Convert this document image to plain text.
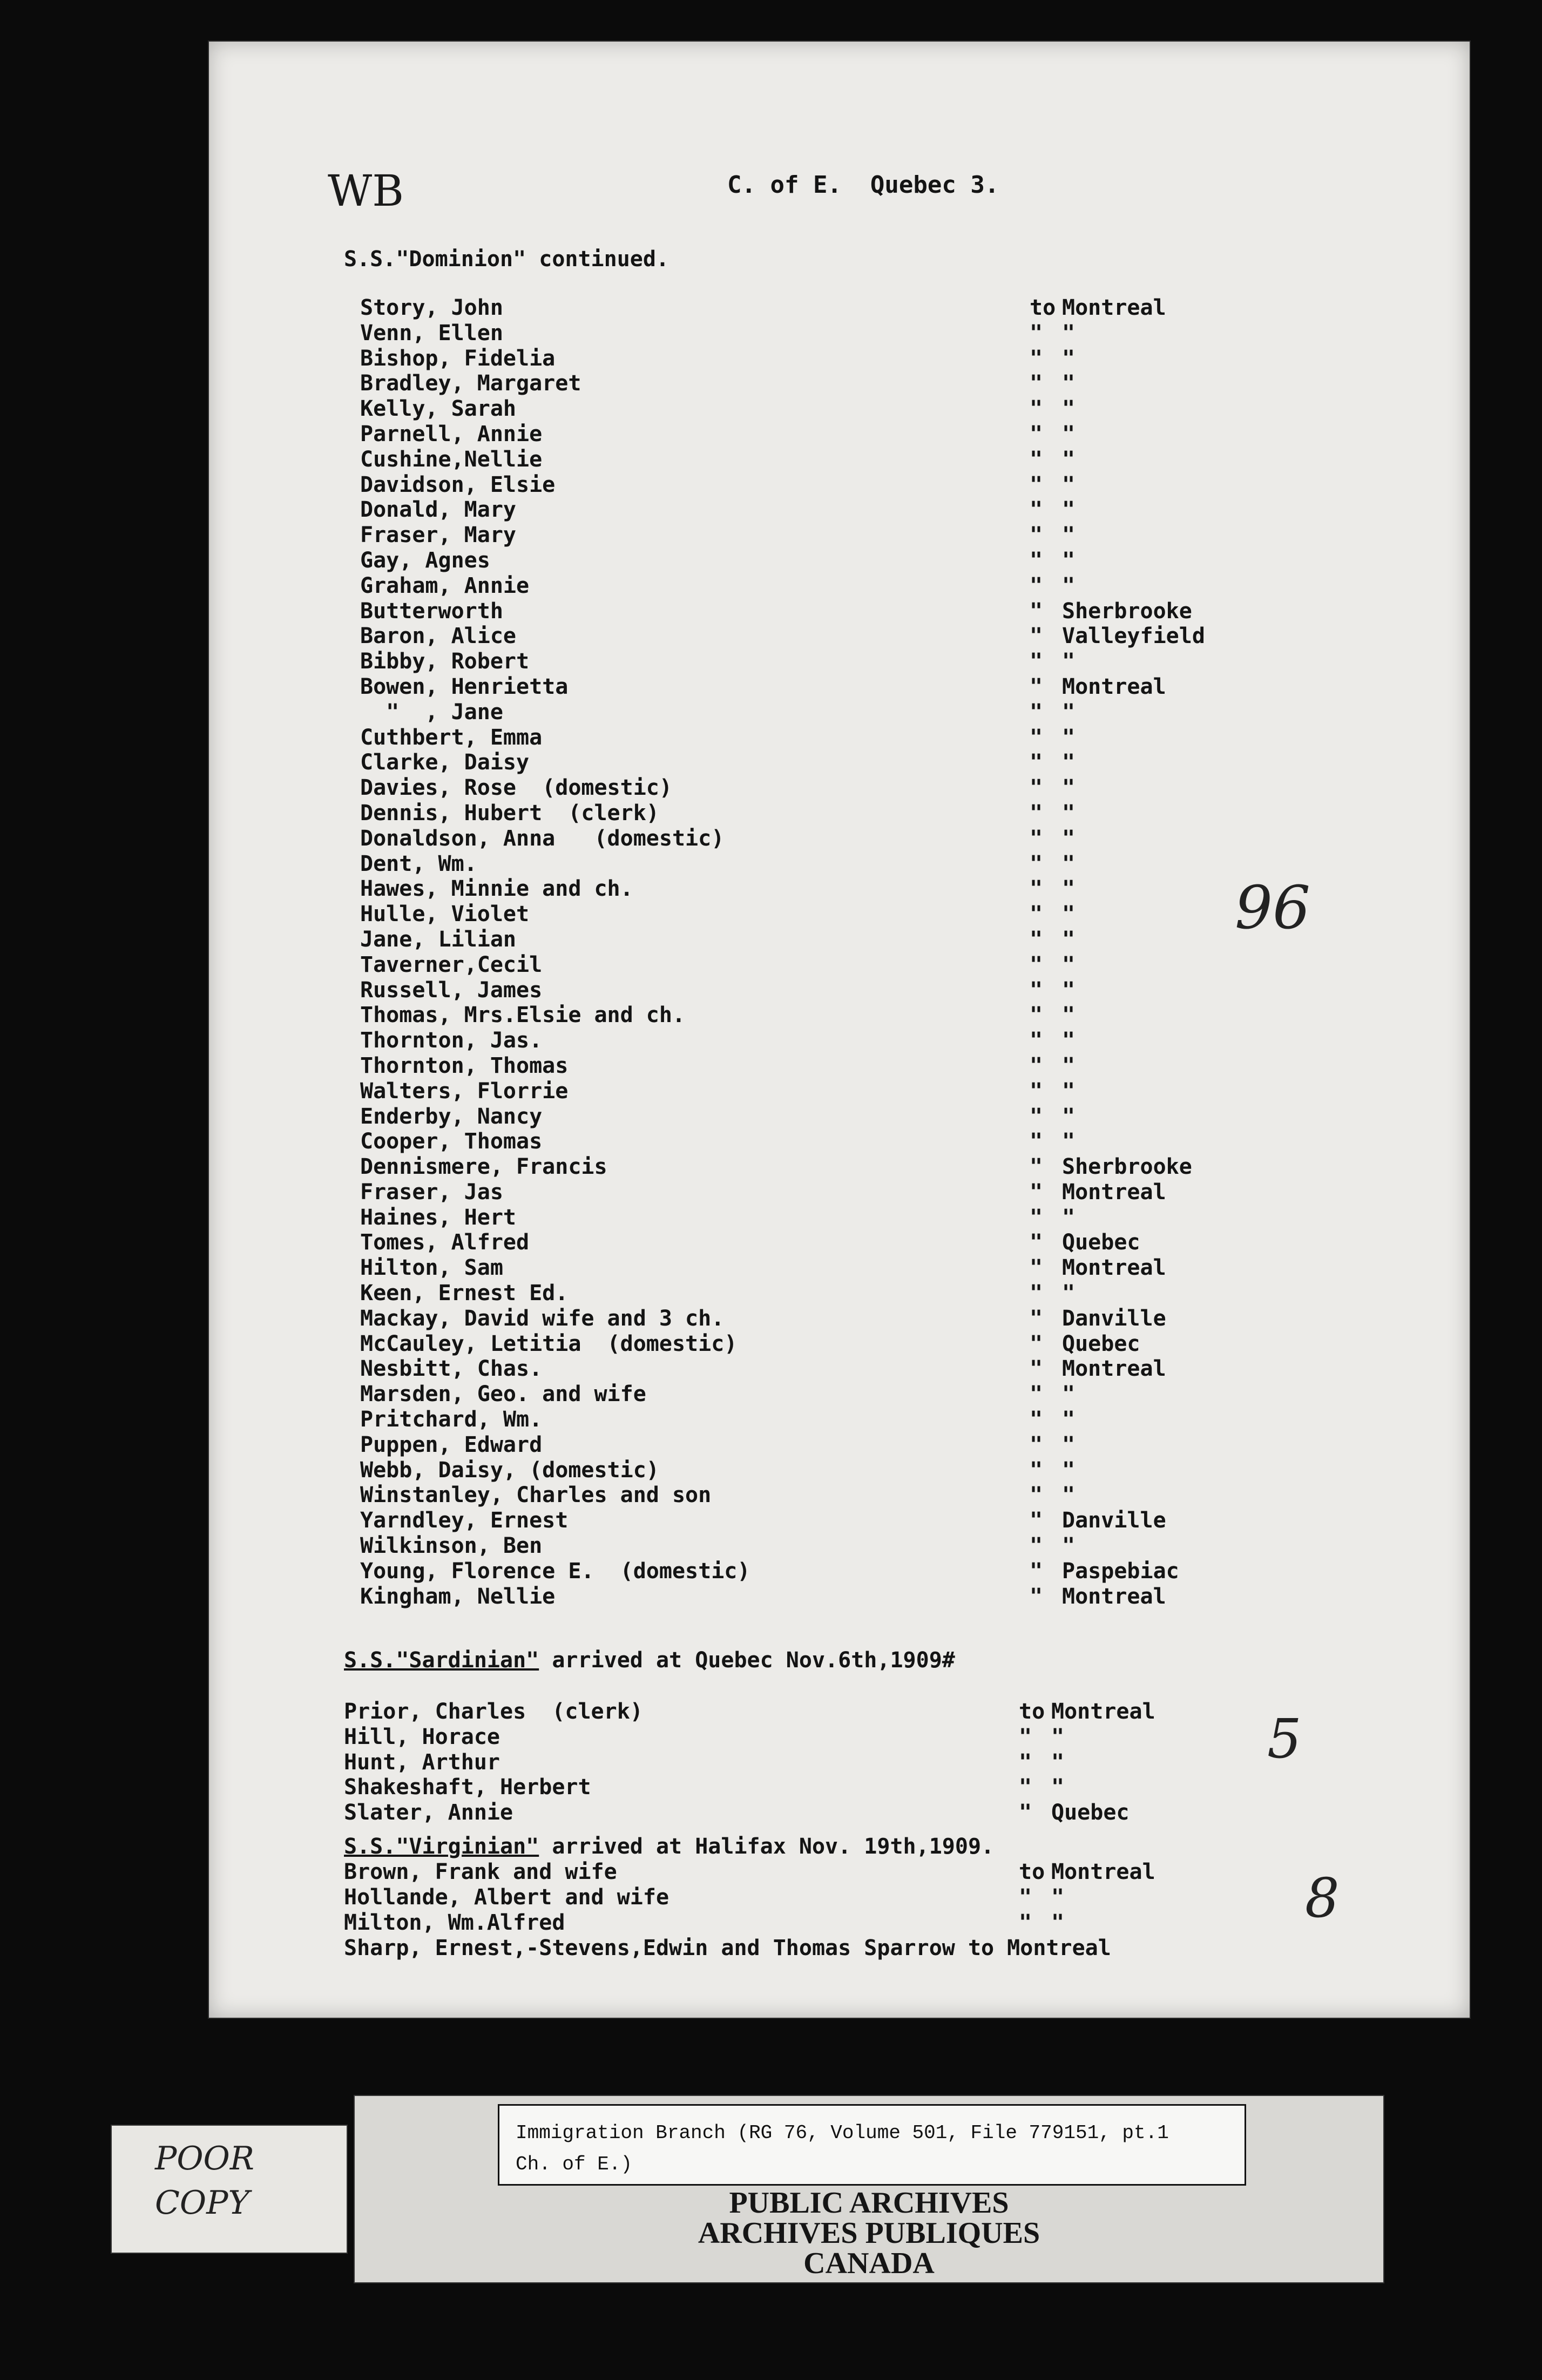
WB	C. of E.  Quebec 3.
S.S."Dominion" continued.
Story, John
Venn, Ellen
Bishop, Fidelia
Bradley, Margaret
Kelly, Sarah
Parnell, Annie
Cushine,Nellie
Davidson, Elsie
Donald, Mary
Fraser, Mary
Gay, Agnes
Graham, Annie
Butterworth
Baron, Alice
Bibby, Robert
Bowen, Henrietta
"  , Jane
Cuthbert, Emma
Clarke, Daisy
Davies, Rose  (domestic)
Dennis, Hubert  (clerk)
Donaldson, Anna   (domestic)
Dent, Wm.
Hawes, Minnie and ch.
Hulle, Violet
Jane, Lilian
Taverner,Cecil
Russell, James
Thomas, Mrs.Elsie and ch.
Thornton, Jas.
Thornton, Thomas
Walters, Florrie
Enderby, Nancy
Cooper, Thomas
Dennismere, Francis
Fraser, Jas
Haines, Hert
Tomes, Alfred
Hilton, Sam
Keen, Ernest Ed.
Mackay, David wife and 3 ch.
McCauley, Letitia  (domestic)
Nesbitt, Chas.
Marsden, Geo. and wife
Pritchard, Wm.
Puppen, Edward
Webb, Daisy, (domestic)
Winstanley, Charles and son
Yarndley, Ernest
Wilkinson, Ben
Young, Florence E.  (domestic)
Kingham, Nellie
to
"
"
"
"
"
"
"
"
"
"
"
"
"
"
"
"
"
"
"
"
"
"
"
"
"
"
"
"
"
"
"
"
"
"
"
"
"
"
"
"
"
"
"
"
"
"
"
"
"
"
"
Montreal
"
"
"
"
"
"
"
"
"
"
"
Sherbrooke
Valleyfield
"
Montreal
"
"
"
"
"
"
"
"
"
"
"
"
"
"
"
"
"
"
Sherbrooke
Montreal
"
Quebec
Montreal
"
Danville
Quebec
Montreal
"
"
"
"
"
Danville
"
Paspebiac
Montreal
S.S."Sardinian" arrived at Quebec Nov.6th,1909#
Prior, Charles  (clerk)
Hill, Horace
Hunt, Arthur
Shakeshaft, Herbert
Slater, Annie
to
"
"
"
"
Montreal
"
"
"
Quebec
S.S."Virginian" arrived at Halifax Nov. 19th,1909.
Brown, Frank and wife
Hollande, Albert and wife
Milton, Wm.Alfred
to
"
"
Montreal
"
"
Sharp, Ernest,-Stevens,Edwin and Thomas Sparrow to Montreal
96
5
8
POOR
COPY
Immigration Branch (RG 76, Volume 501, File 779151, pt.1
Ch. of E.)
PUBLIC ARCHIVES
ARCHIVES PUBLIQUES
CANADA
